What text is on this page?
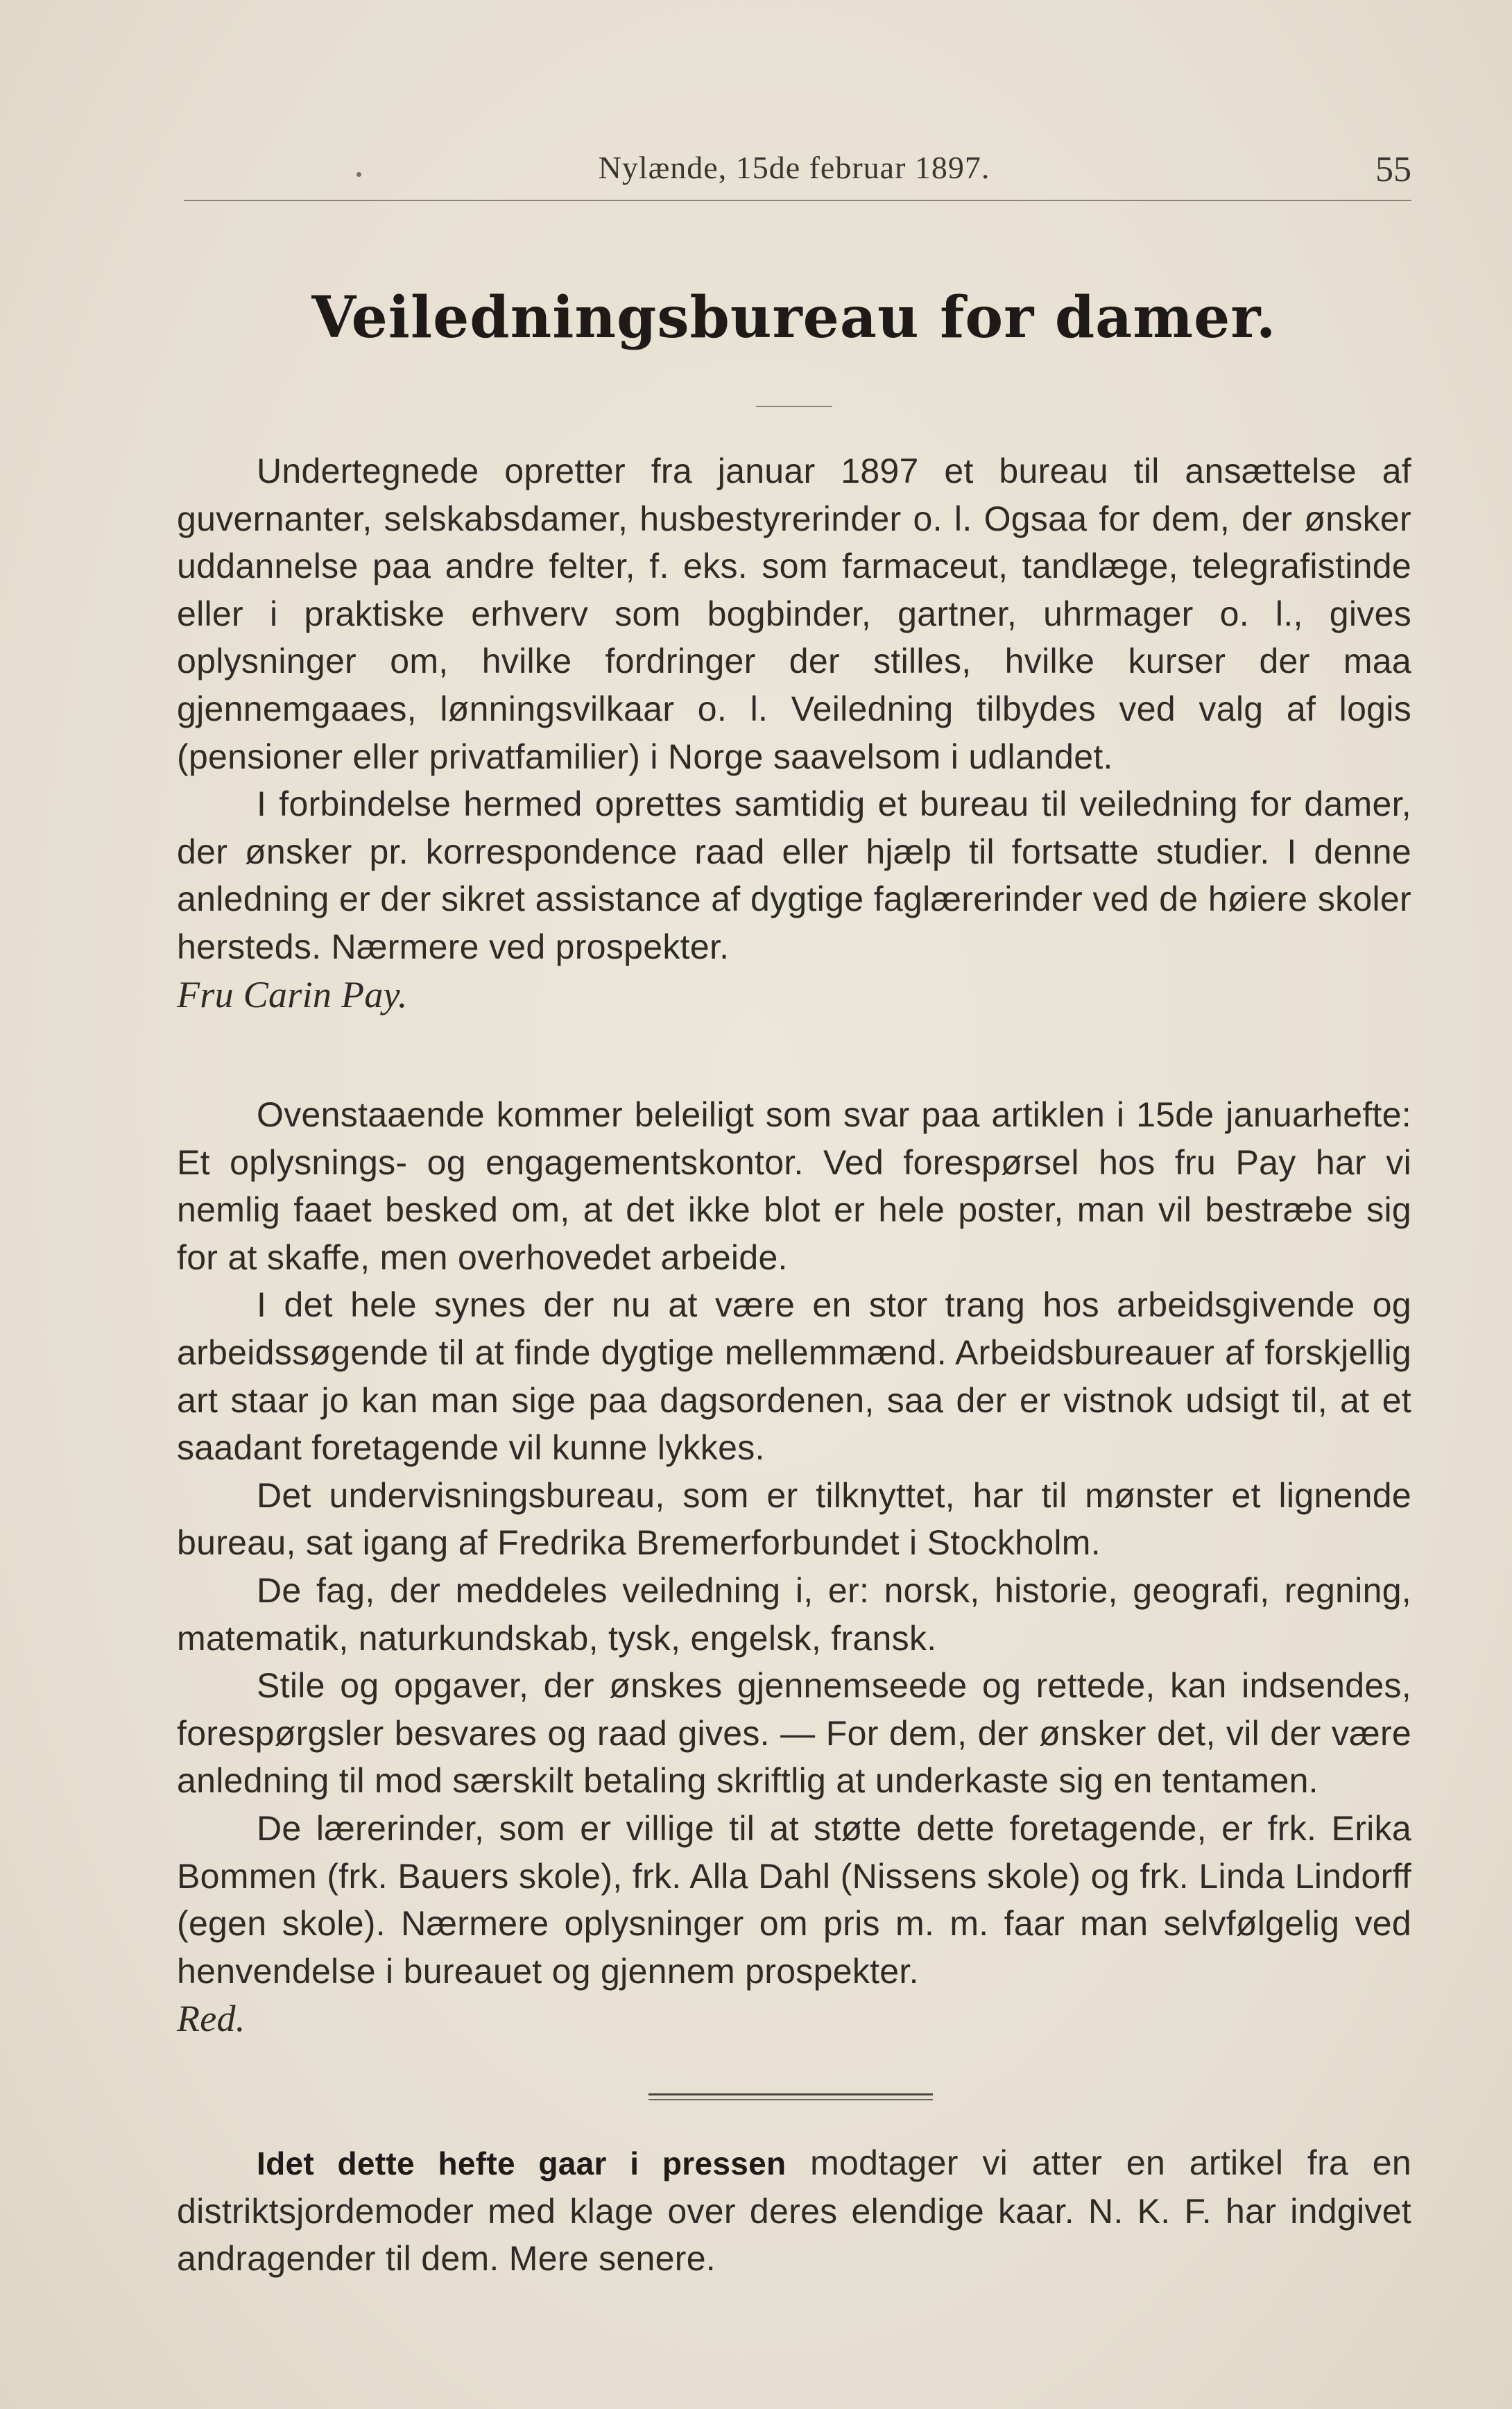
Nylænde, 15de februar 1897.	55
Veiledningsbureau for damer.

Undertegnede opretter fra januar 1897 et bureau til ansættelse af guvernanter, selskabsdamer, husbestyrerinder o. l. Ogsaa for dem, der ønsker uddannelse paa andre felter, f. eks. som farmaceut, tandlæge, telegrafistinde eller i praktiske erhverv som bogbinder, gartner, uhrmager o. l., gives oplysninger om, hvilke fordringer der stilles, hvilke kurser der maa gjennemgaaes, lønningsvilkaar o. l. Veiledning tilbydes ved valg af logis (pensioner eller privatfamilier) i Norge saavelsom i udlandet.

I forbindelse hermed oprettes samtidig et bureau til veiledning for damer, der ønsker pr. korrespondence raad eller hjælp til fortsatte studier. I denne anledning er der sikret assistance af dygtige faglærerinder ved de høiere skoler hersteds. Nærmere ved prospekter.

Fru Carin Pay.

Ovenstaaende kommer beleiligt som svar paa artiklen i 15de januarhefte: Et oplysnings- og engagementskontor. Ved forespørsel hos fru Pay har vi nemlig faaet besked om, at det ikke blot er hele poster, man vil bestræbe sig for at skaffe, men overhovedet arbeide.

I det hele synes der nu at være en stor trang hos arbeidsgivende og arbeidssøgende til at finde dygtige mellemmænd. Arbeidsbureauer af forskjellig art staar jo kan man sige paa dagsordenen, saa der er vistnok udsigt til, at et saadant foretagende vil kunne lykkes.

Det undervisningsbureau, som er tilknyttet, har til mønster et lignende bureau, sat igang af Fredrika Bremerforbundet i Stockholm.

De fag, der meddeles veiledning i, er: norsk, historie, geografi, regning, matematik, naturkundskab, tysk, engelsk, fransk.

Stile og opgaver, der ønskes gjennemseede og rettede, kan indsendes, forespørgsler besvares og raad gives. — For dem, der ønsker det, vil der være anledning til mod særskilt betaling skriftlig at underkaste sig en tentamen.

De lærerinder, som er villige til at støtte dette foretagende, er frk. Erika Bommen (frk. Bauers skole), frk. Alla Dahl (Nissens skole) og frk. Linda Lindorff (egen skole). Nærmere oplysninger om pris m. m. faar man selvfølgelig ved henvendelse i bureauet og gjennem prospekter.

Red.

Idet dette hefte gaar i pressen modtager vi atter en artikel fra en distriktsjordemoder med klage over deres elendige kaar. N. K. F. har indgivet andragender til dem. Mere senere.
